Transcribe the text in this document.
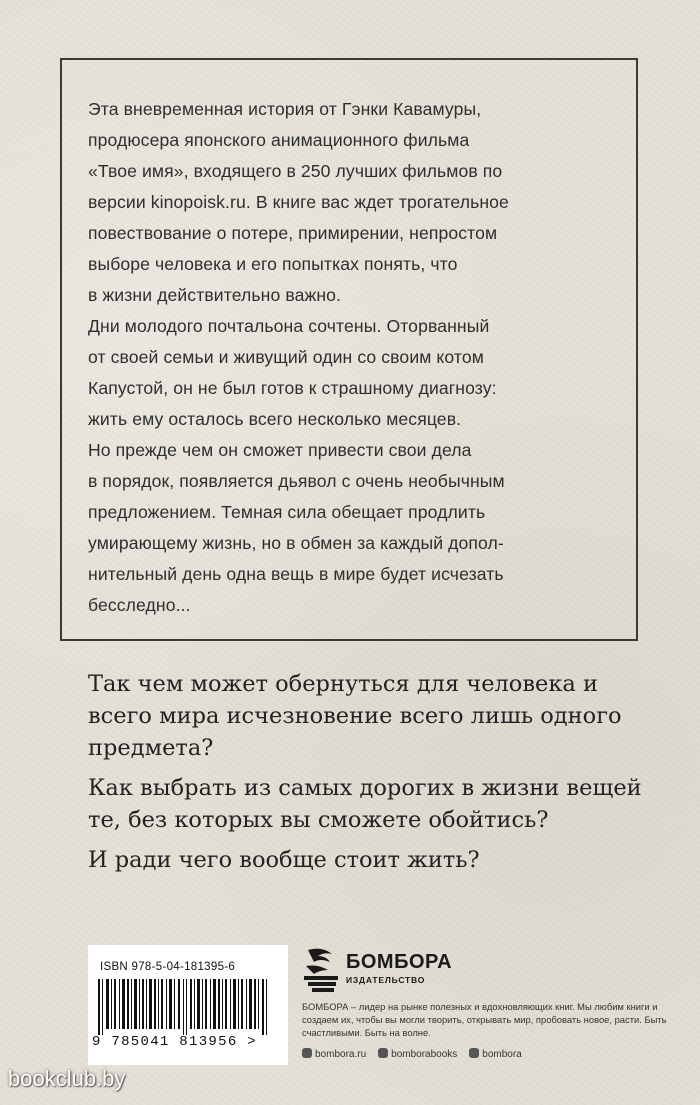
Эта вневременная история от Гэнки Кавамуры,

продюсера японского анимационного фильма

«Твое имя», входящего в 250 лучших фильмов по

версии kinopoisk.ru. В книге вас ждет трогательное

повествование о потере, примирении, непростом

выборе человека и его попытках понять, что

в жизни действительно важно.

Дни молодого почтальона сочтены. Оторванный

от своей семьи и живущий один со своим котом

Капустой, он не был готов к страшному диагнозу:

жить ему осталось всего несколько месяцев.

Но прежде чем он сможет привести свои дела

в порядок, появляется дьявол с очень необычным

предложением. Темная сила обещает продлить

умирающему жизнь, но в обмен за каждый допол-

нительный день одна вещь в мире будет исчезать

бесследно...

Так чем может обернуться для человека и всего мира исчезновение всего лишь одного предмета?

Как выбрать из самых дорогих в жизни вещей те, без которых вы сможете обойтись?

И ради чего вообще стоит жить?

ISBN 978-5-04-181395-6
9 785041 813956 >
БОМБОРА
ИЗДАТЕЛЬСТВО
БОМБОРА – лидер на рынке полезных и вдохновляющих книг. Мы любим книги и создаем их, чтобы вы могли творить, открывать мир, пробовать новое, расти. Быть счастливыми. Быть на волне.
bombora.ru	bomborabooks	bombora
bookclub.by
